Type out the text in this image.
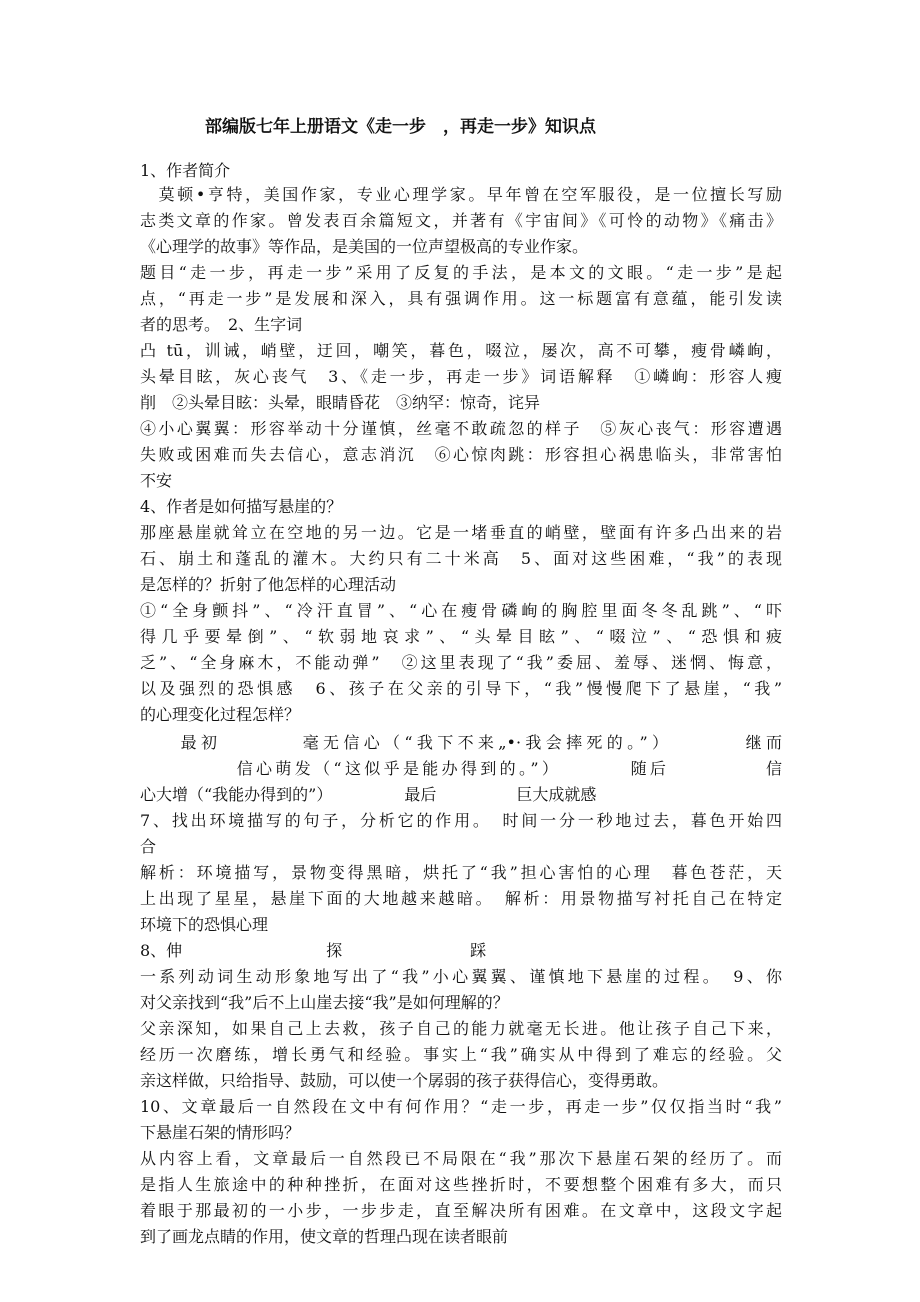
部编版七年上册语文《走一步　，再走一步》知识点
1、作者简介
　莫顿•亨特，美国作家，专业心理学家。早年曾在空军服役，是一位擅长写励
志类文章的作家。曾发表百余篇短文，并著有《宇宙间》《可怜的动物》《痛击》
《心理学的故事》等作品，是美国的一位声望极高的专业作家。
题目“走一步，再走一步”采用了反复的手法，是本文的文眼。“走一步”是起
点，“再走一步”是发展和深入，具有强调作用。这一标题富有意蕴，能引发读
者的思考。　2、生字词
凸 tū，训诫，峭壁，迂回，嘲笑，暮色，啜泣，屡次，高不可攀，瘦骨嶙峋，
头晕目眩，灰心丧气　3、《走一步，再走一步》词语解释　①嶙峋：形容人瘦
削　②头晕目眩：头晕，眼睛昏花　③纳罕：惊奇，诧异
④小心翼翼：形容举动十分谨慎，丝毫不敢疏忽的样子　⑤灰心丧气：形容遭遇
失败或困难而失去信心，意志消沉　⑥心惊肉跳：形容担心祸患临头，非常害怕
不安
4、作者是如何描写悬崖的？
那座悬崖就耸立在空地的另一边。它是一堵垂直的峭壁，壁面有许多凸出来的岩
石、崩土和蓬乱的灌木。大约只有二十米高　5、面对这些困难，“我”的表现
是怎样的？折射了他怎样的心理活动
①“全身颤抖”、“冷汗直冒”、“心在瘦骨磷峋的胸腔里面冬冬乱跳”、“吓
得几乎要晕倒”、“软弱地哀求”、“头晕目眩”、“啜泣”、“恐惧和疲
乏”、“全身麻木，不能动弹”　②这里表现了“我”委屈、羞辱、迷惘、悔意，
以及强烈的恐惧感　6、孩子在父亲的引导下，“我”慢慢爬下了悬崖，“我”
的心理变化过程怎样？
　　最初　　　　毫无信心（“我下不来„•·我会摔死的。”）　　　　继而
　　　　　信心萌发（“这似乎是能办得到的。”）　　　　随后　　　　　信
心大增（“我能办得到的”）　　　　　最后　　　　　巨大成就感
7、找出环境描写的句子，分析它的作用。　时间一分一秒地过去，暮色开始四
合
解析：环境描写，景物变得黑暗，烘托了“我”担心害怕的心理　暮色苍茫，天
上出现了星星，悬崖下面的大地越来越暗。　解析：用景物描写衬托自己在特定
环境下的恐惧心理
8、伸　　　　　　　　　探　　　　　　　　踩
一系列动词生动形象地写出了“我”小心翼翼、谨慎地下悬崖的过程。　9、你
对父亲找到“我”后不上山崖去接“我”是如何理解的？
父亲深知，如果自己上去救，孩子自己的能力就毫无长进。他让孩子自己下来，
经历一次磨练，增长勇气和经验。事实上“我”确实从中得到了难忘的经验。父
亲这样做，只给指导、鼓励，可以使一个孱弱的孩子获得信心，变得勇敢。
10、文章最后一自然段在文中有何作用？“走一步，再走一步”仅仅指当时“我”
下悬崖石架的情形吗？
从内容上看，文章最后一自然段已不局限在“我”那次下悬崖石架的经历了。而
是指人生旅途中的种种挫折，在面对这些挫折时，不要想整个困难有多大，而只
着眼于那最初的一小步，一步步走，直至解决所有困难。在文章中，这段文字起
到了画龙点睛的作用，使文章的哲理凸现在读者眼前
